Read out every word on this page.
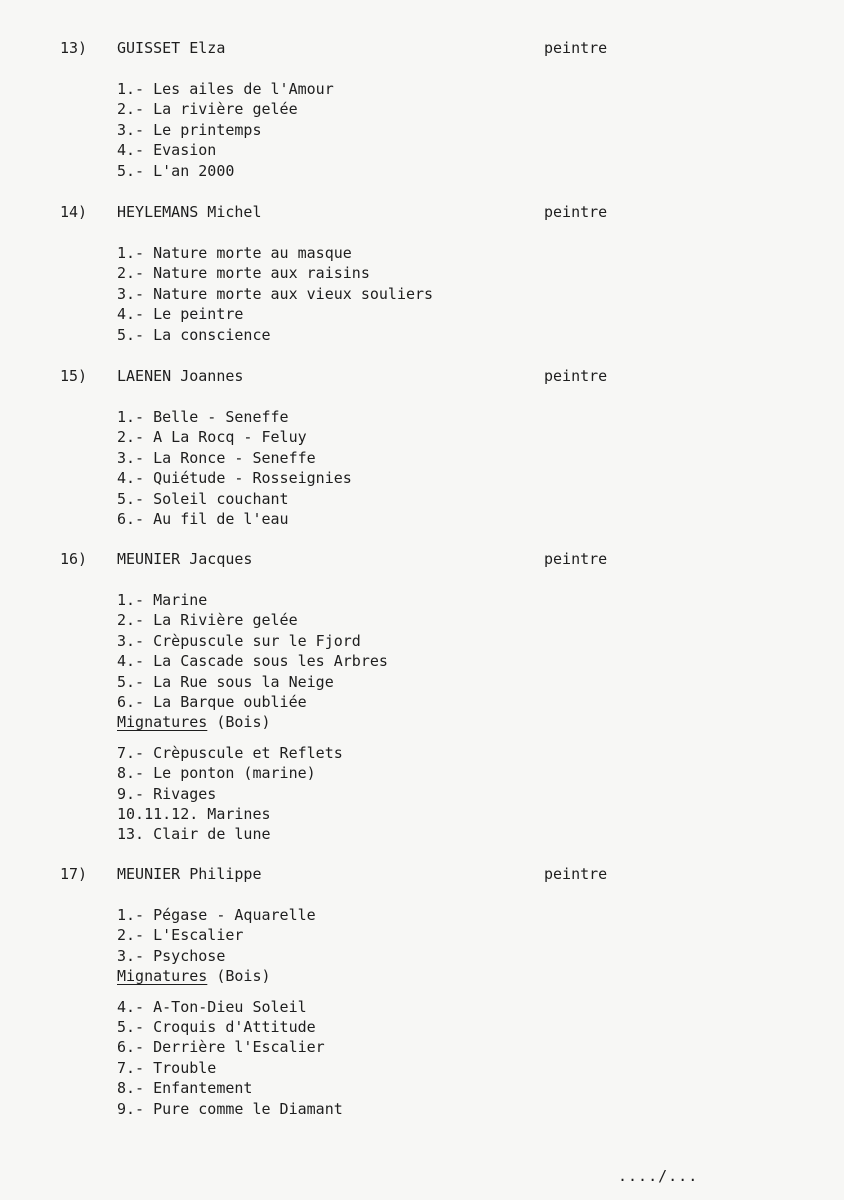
13) GUISSET Elza	peintre
1.- Les ailes de l'Amour
2.- La rivière gelée
3.- Le printemps
4.- Evasion
5.- L'an 2000
14) HEYLEMANS Michel	peintre
1.- Nature morte au masque
2.- Nature morte aux raisins
3.- Nature morte aux vieux souliers
4.- Le peintre
5.- La conscience
15) LAENEN Joannes	peintre
1.- Belle - Seneffe
2.- A La Rocq - Feluy
3.- La Ronce - Seneffe
4.- Quiétude - Rosseignies
5.- Soleil couchant
6.- Au fil de l'eau
16) MEUNIER Jacques	peintre
1.- Marine
2.- La Rivière gelée
3.- Crèpuscule sur le Fjord
4.- La Cascade sous les Arbres
5.- La Rue sous la Neige
6.- La Barque oubliée
Mignatures (Bois)
7.- Crèpuscule et Reflets
8.- Le ponton (marine)
9.- Rivages
10.11.12. Marines
13. Clair de lune
17) MEUNIER Philippe	peintre
1.- Pégase - Aquarelle
2.- L'Escalier
3.- Psychose
Mignatures (Bois)
4.- A-Ton-Dieu Soleil
5.- Croquis d'Attitude
6.- Derrière l'Escalier
7.- Trouble
8.- Enfantement
9.- Pure comme le Diamant
..../...
